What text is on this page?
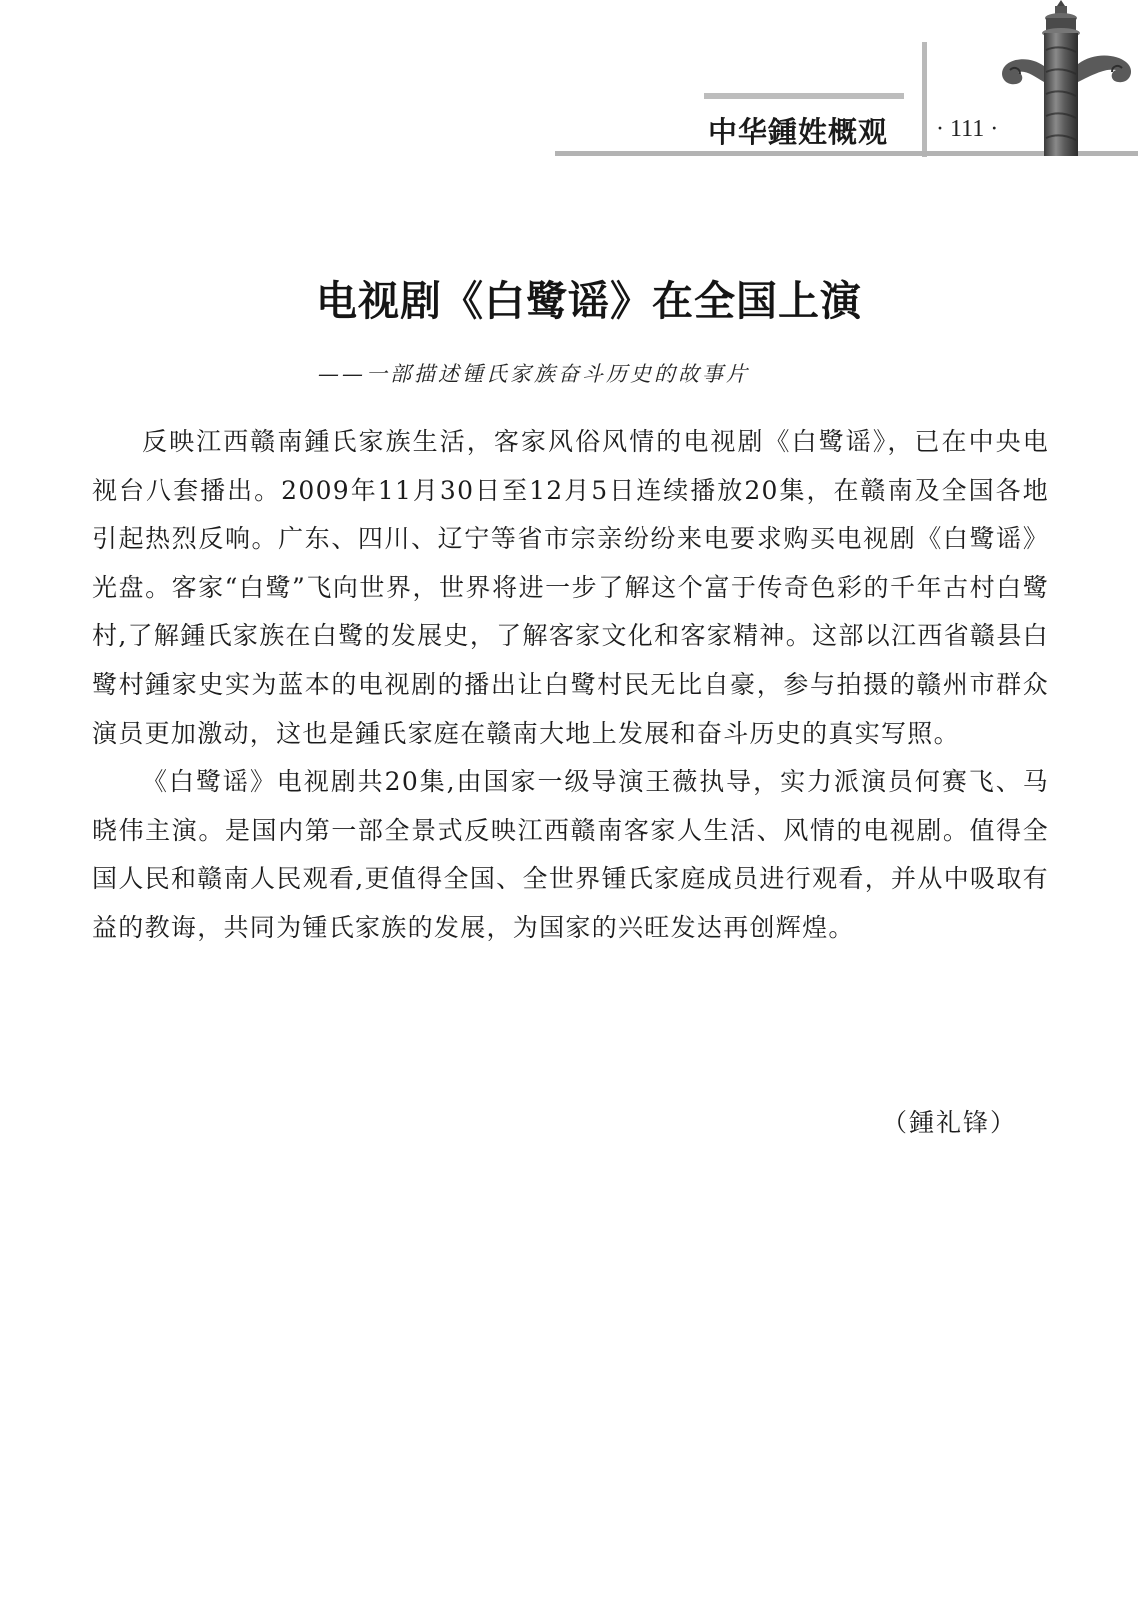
中华鍾姓概观 · 111 ·
电视剧《白鹭谣》在全国上演
——一部描述锺氏家族奋斗历史的故事片

反映江西赣南鍾氏家族生活，客家风俗风情的电视剧《白鹭谣》，已在中央电视台八套播出。2009年11月30日至12月5日连续播放20集，在赣南及全国各地引起热烈反响。广东、四川、辽宁等省市宗亲纷纷来电要求购买电视剧《白鹭谣》光盘。客家“白鹭”飞向世界，世界将进一步了解这个富于传奇色彩的千年古村白鹭村,了解鍾氏家族在白鹭的发展史，了解客家文化和客家精神。这部以江西省赣县白鹭村鍾家史实为蓝本的电视剧的播出让白鹭村民无比自豪，参与拍摄的赣州市群众演员更加激动，这也是鍾氏家庭在赣南大地上发展和奋斗历史的真实写照。

《白鹭谣》电视剧共20集,由国家一级导演王薇执导，实力派演员何赛飞、马晓伟主演。是国内第一部全景式反映江西赣南客家人生活、风情的电视剧。值得全国人民和赣南人民观看,更值得全国、全世界锺氏家庭成员进行观看，并从中吸取有益的教诲，共同为锺氏家族的发展，为国家的兴旺发达再创辉煌。

（鍾礼锋）
